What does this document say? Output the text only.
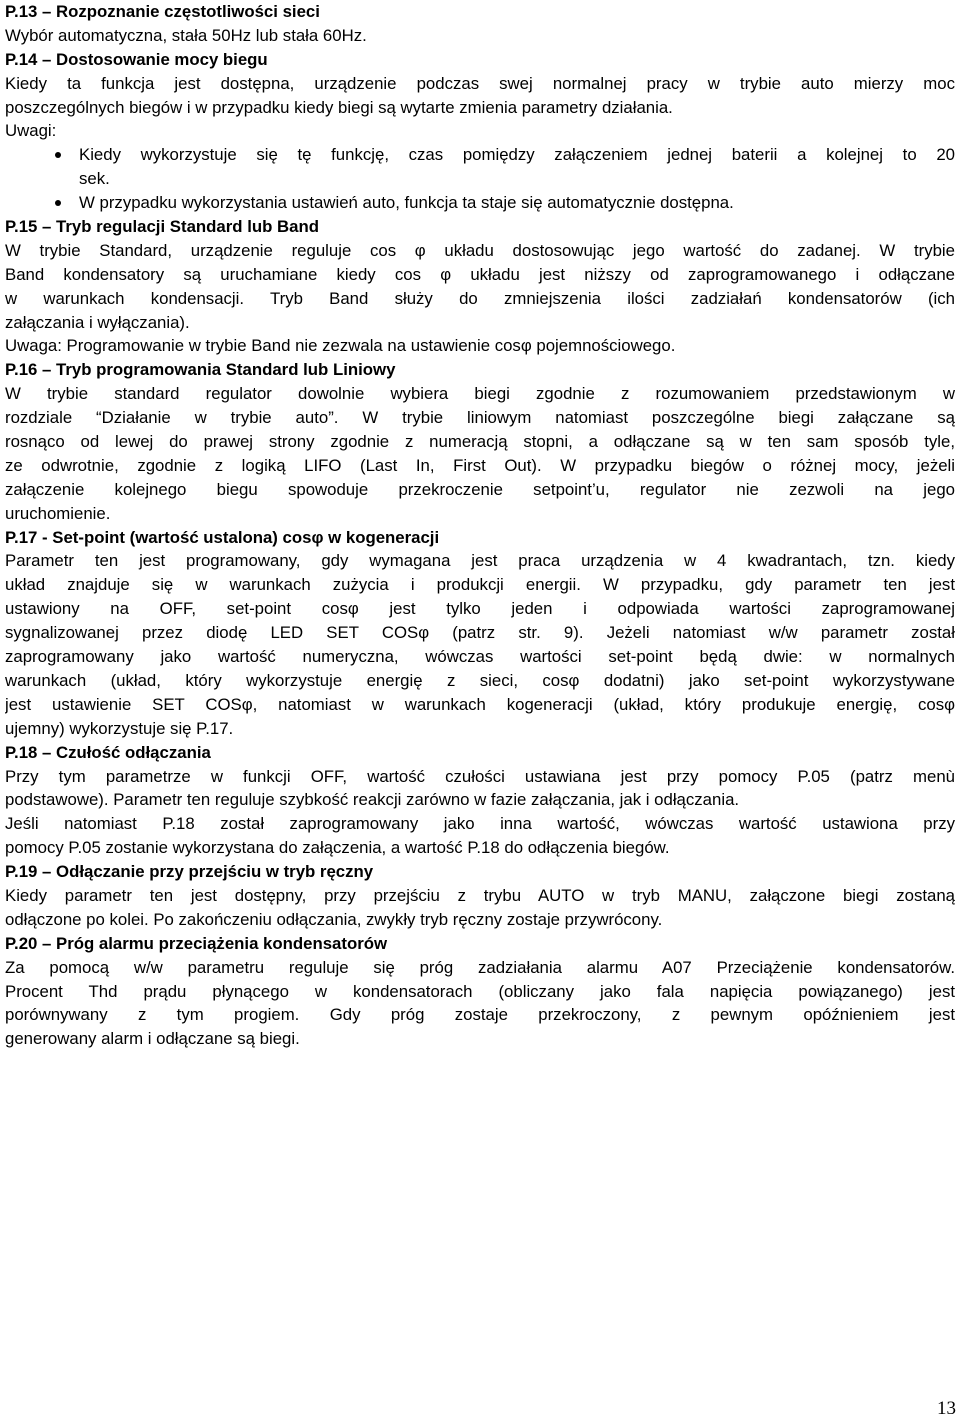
P.13 – Rozpoznanie częstotliwości sieci
Wybór automatyczna, stała 50Hz lub stała 60Hz.
P.14 – Dostosowanie mocy biegu
Kiedy ta funkcja jest dostępna, urządzenie podczas swej normalnej pracy w trybie auto mierzy moc
poszczególnych biegów i w przypadku kiedy biegi są wytarte zmienia parametry działania.
Uwagi:
Kiedy wykorzystuje się tę funkcję, czas pomiędzy załączeniem jednej baterii a kolejnej to 20
sek.
W przypadku wykorzystania ustawień auto, funkcja ta staje się automatycznie dostępna.
P.15 – Tryb regulacji Standard lub Band
W trybie Standard, urządzenie reguluje cos φ układu dostosowując jego wartość do zadanej. W trybie
Band kondensatory są uruchamiane kiedy cos φ układu jest niższy od zaprogramowanego i odłączane
w warunkach kondensacji. Tryb Band służy do zmniejszenia ilości zadziałań kondensatorów (ich
załączania i wyłączania).
Uwaga: Programowanie w trybie Band nie zezwala na ustawienie cosφ pojemnościowego.
P.16 – Tryb programowania Standard lub Liniowy
W trybie standard regulator dowolnie wybiera biegi zgodnie z rozumowaniem przedstawionym w
rozdziale “Działanie w trybie auto”. W trybie liniowym natomiast poszczególne biegi załączane są
rosnąco od lewej do prawej strony zgodnie z numeracją stopni, a odłączane są w ten sam sposób tyle,
ze odwrotnie, zgodnie z logiką LIFO (Last In, First Out). W przypadku biegów o różnej mocy, jeżeli
załączenie kolejnego biegu spowoduje przekroczenie setpoint’u, regulator nie zezwoli na jego
uruchomienie.
P.17 - Set-point (wartość ustalona) cosφ w kogeneracji
Parametr ten jest programowany, gdy wymagana jest praca urządzenia w 4 kwadrantach, tzn. kiedy
układ znajduje się w warunkach zużycia i produkcji energii. W przypadku, gdy parametr ten jest
ustawiony na OFF, set-point cosφ jest tylko jeden i odpowiada wartości zaprogramowanej
sygnalizowanej przez diodę LED SET COSφ (patrz str. 9). Jeżeli natomiast w/w parametr został
zaprogramowany jako wartość numeryczna, wówczas wartości set-point będą dwie: w normalnych
warunkach (układ, który wykorzystuje energię z sieci, cosφ dodatni) jako set-point wykorzystywane
jest ustawienie SET COSφ, natomiast w warunkach kogeneracji (układ, który produkuje energię, cosφ
ujemny) wykorzystuje się P.17.
P.18 – Czułość odłączania
Przy tym parametrze w funkcji OFF, wartość czułości ustawiana jest przy pomocy P.05 (patrz menù
podstawowe). Parametr ten reguluje szybkość reakcji zarówno w fazie załączania, jak i odłączania.
Jeśli natomiast P.18 został zaprogramowany jako inna wartość, wówczas wartość ustawiona przy
pomocy P.05 zostanie wykorzystana do załączenia, a wartość P.18 do odłączenia biegów.
P.19 – Odłączanie przy przejściu w tryb ręczny
Kiedy parametr ten jest dostępny, przy przejściu z trybu AUTO w tryb MANU, załączone biegi zostaną
odłączone po kolei. Po zakończeniu odłączania, zwykły tryb ręczny zostaje przywrócony.
P.20 – Próg alarmu przeciążenia kondensatorów
Za pomocą w/w parametru reguluje się próg zadziałania alarmu A07 Przeciążenie kondensatorów.
Procent Thd prądu płynącego w kondensatorach (obliczany jako fala napięcia powiązanego) jest
porównywany z tym progiem. Gdy próg zostaje przekroczony, z pewnym opóźnieniem jest
generowany alarm i odłączane są biegi.
13
